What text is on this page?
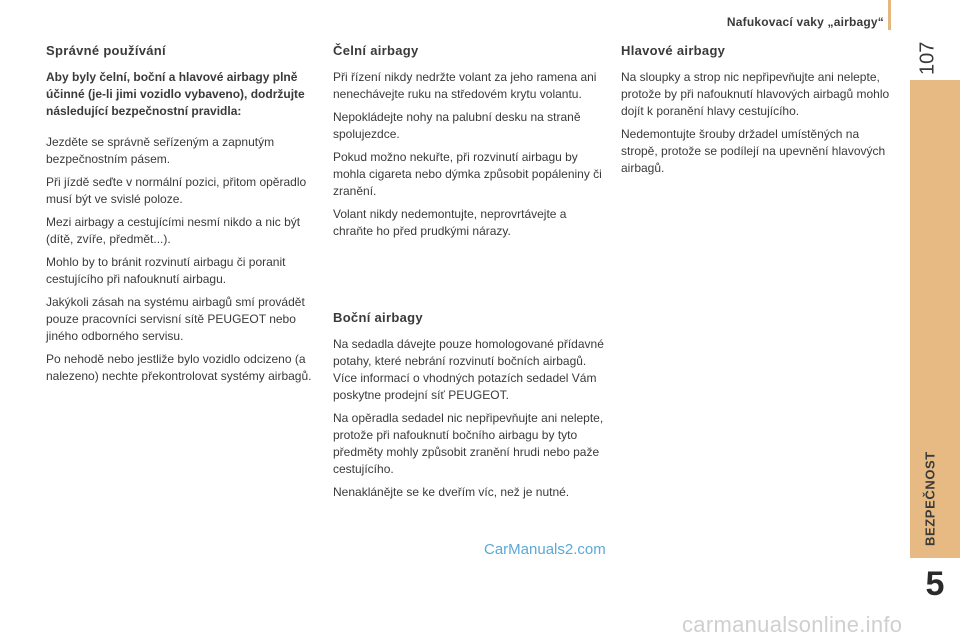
Nafukovací vaky „airbagy“
107
BEZPEČNOST
5
Správné používání

Aby byly čelní, boční a hlavové airbagy plně účinné (je-li jimi vozidlo vybaveno), dodržujte následující bezpečnostní pravidla:

Jezděte se správně seřízeným a zapnutým bezpečnostním pásem.

Při jízdě seďte v normální pozici, přitom opěradlo musí být ve svislé poloze.

Mezi airbagy a cestujícími nesmí nikdo a nic být (dítě, zvíře, předmět...).

Mohlo by to bránit rozvinutí airbagu či poranit cestujícího při nafouknutí airbagu.

Jakýkoli zásah na systému airbagů smí provádět pouze pracovníci servisní sítě PEUGEOT nebo jiného odborného servisu.

Po nehodě nebo jestliže bylo vozidlo odcizeno (a nalezeno) nechte překontrolovat systémy airbagů.

Čelní airbagy

Při řízení nikdy nedržte volant za jeho ramena ani nenechávejte ruku na středovém krytu volantu.

Nepokládejte nohy na palubní desku na straně spolujezdce.

Pokud možno nekuřte, při rozvinutí airbagu by mohla cigareta nebo dýmka způsobit popáleniny či zranění.

Volant nikdy nedemontujte, neprovrtávejte a chraňte ho před prudkými nárazy.

Boční airbagy

Na sedadla dávejte pouze homologované přídavné potahy, které nebrání rozvinutí bočních airbagů. Více informací o vhodných potazích sedadel Vám poskytne prodejní síť PEUGEOT.

Na opěradla sedadel nic nepřipevňujte ani nelepte, protože při nafouknutí bočního airbagu by tyto předměty mohly způsobit zranění hrudi nebo paže cestujícího.

Nenaklánějte se ke dveřím víc, než je nutné.

Hlavové airbagy

Na sloupky a strop nic nepřipevňujte ani nelepte, protože by při nafouknutí hlavových airbagů mohlo dojít k poranění hlavy cestujícího.

Nedemontujte šrouby držadel umístěných na stropě, protože se podílejí na upevnění hlavových airbagů.

CarManuals2.com
carmanualsonline.info
